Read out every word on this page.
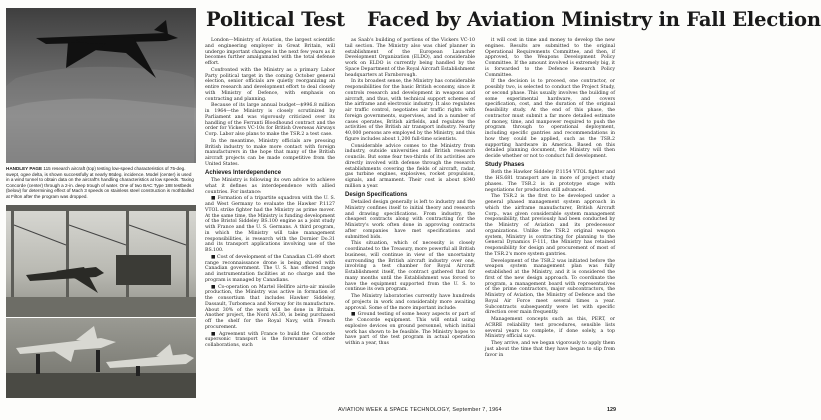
Political Test Faced by Aviation Ministry in Fall Election
HANDLEY PAGE 115 research aircraft (top) testing low-speed characteristics of 75-deg. swept, ogee delta, is shown successfully at nearly 86deg. incidence. Model (center) is used in a wind tunnel to obtain data on the aircraft's handling characteristics at low speeds. Taxing Concorde (center) through a 2-in. deep trough of water. One of two BAC Type 188 testbeds (below) for determining effect of Mach 3 speeds on stainless steel construction is mothballed at Filton after the program was dropped.

London—Ministry of Aviation, the largest scientific and engineering employer in Great Britain, will undergo important changes in the next few years as it becomes further amalgamated with the total defense effort.

Confronted with the Ministry as a primary Labor Party political target in the coming October general election, senior officials are quietly reorganizing an entire research and development effort to deal closely with Ministry of Defence, with emphasis on contracting and planning.

Because of its large annual budget—$996.8 million in 1964—the Ministry is closely scrutinized by Parliament and was vigorously criticized over its handling of the Ferranti Bloodhound contract and the order for Vickers VC-10s for British Overseas Airways Corp. Labor also plans to make the TSR.2 a test case.

In the meantime, Ministry officials are pressing British industry to make more contact with foreign manufacturers in the hope that many of the British aircraft projects can be made competitive from the United States.

Achieves Interdependence

The Ministry is following its own advice to achieve what it defines as interdependence with allied countries. For instance:

■ Formation of a tripartite squadron with the U. S. and West Germany to evaluate the Hawker P.1127 VTOL strike fighter had the Ministry as prime mover. At the same time, the Ministry is funding development of the Bristol Siddeley BS.100 engine as a joint study with France and the U. S. Germans. A third program, in which the Ministry will take management responsibilities, is research with the Dornier Do.31 and its transport applications involving use of the BS.100.

■ Cost of development of the Canadian CL-89 short range reconnaissance drone is being shared with Canadian government. The U. S. has offered range and instrumentation facilities at no charge and the program is managed by Canadians.

■ Co-operation on Martel Hellfire airto-air missile production, the Ministry was active in formation of the consortium that includes Hawker Siddeley, Dassault, Turbomeca and Norway for its manufacture. About 30% of the work will be done in Britain. Another project, the Nord AS.30, is being purchased off the shelf for the Royal Navy, with French procurement.

■ Agreement with France to build the Concorde supersonic transport is the forerunner of other collaborations, such

as Saab's building of portions of the Vickers VC-10 tail section. The Ministry also was chief planner in establishment of the European Launcher Development Organization (ELDO), and considerable work on ELDO is currently being handled by the Space Department of the Royal Aircraft Establishment headquarters at Farnborough.

In its broadest sense, the Ministry has considerable responsibilities for the basic British economy, since it controls research and development in weapons and aircraft, and thus, with technical support schemes of the airframe and electronic industry. It also regulates air traffic control, negotiates air traffic rights with foreign governments, supervises, and in a number of cases operates, British airfields, and regulates the activities of the British air transport industry. Nearly 40,000 persons are employed by the Ministry, and this figure includes about 1,200 full-time scientists.

Considerable advice comes to the Ministry from industry, outside universities and British research councils. But some fear two-thirds of its activities are directly involved with defense through the research establishments covering the fields of aircraft, radar, gas turbine engines, explosives, rocket propulsion, signals, and armament. Their cost is about $340 million a year.

Design Specifications

Detailed design generally is left to industry and the Ministry confines itself to initial theory and research and drawing specifications. From industry, the cheapest contracts along with contracting for the Ministry's work often done in approving contracts after companies have met specifications and submitted bids.

This situation, which of necessity is closely coordinated to the Treasury, more powerful all British business, will continue in view of the uncertainty surrounding the British aircraft industry over one, involving a test chamber for Royal Aircraft Establishment itself, the contract gathered that for many months until the Establishment was forced to have the equipment supported from the U. S. to continue its own program.

The Ministry laboratories currently have hundreds of projects in work and considerably more awaiting approval. Some of the more important include:

■ Ground testing of some heavy aspects or part of the Concorde equipment. This will entail using explosive devices on ground personnel, which initial work has shown to be feasible. The Ministry hopes to have part of the test program in actual operation within a year, thus

it will cost in time and money to develop the new engines. Results are submitted to the original Operational Requirements Committee, and then, if approved, to the Weapons Development Policy Committee. If the amount involved is extremely big, it is forwarded to the Defence Research Policy Committee.

If the decision is to proceed, one contractor, or possibly two, is selected to conduct the Project Study, or second phase. This usually involves the building of some experimental hardware, and covers specification, cost, and the duration of the original feasibility study. At the end of this phase, the contractor must submit a far more detailed estimate of money, time, and manpower required to push the program through to operational deployment, including specific gantries and recommendations in how they could be applied, such as the TSR.2 supporting hardware in America. Based on this detailed planning document, the Ministry will then decide whether or not to conduct full development.

Study Phases

Both the Hawker Siddeley P.1154 VTOL fighter and the HS.681 transport are in more of project study phases. The TSR.2 is in prototype stage with negotiations for production still advanced.

The TSR.2 is the first to be developed under a general phased management system approach in which the airframe manufacturer, British Aircraft Corp., was given considerable system management responsibility, that previously had been conducted by the Ministry of Aviation and its predecessor organizations. Unlike the TSR.2 original weapon system, Ministry is contracting for planning to the General Dynamics F-111, the Ministry has retained responsibility for design and procurement of most of the TSR.2's more system gantries.

Development of the TSR.2 was initiated before the weapon system management plan was fully established at the Ministry, and it is considered the first of the new design approach. To coordinate the program, a management board with representatives of the prime contractors, major subcontractors, the Ministry of Aviation, the Ministry of Defence and the Royal Air Force meet several times a year. Subcontracts subsequently were let with specific direction over main frequently.

Management concepts such as this, PERT, or ACRRE reliability test procedures, sensible lists several years to complete, if done solely, a top Ministry official says.

They arrive, and we began vigorously to apply them just about the time that they have began to slip from favor in

AVIATION WEEK & SPACE TECHNOLOGY, September 7, 1964	129
